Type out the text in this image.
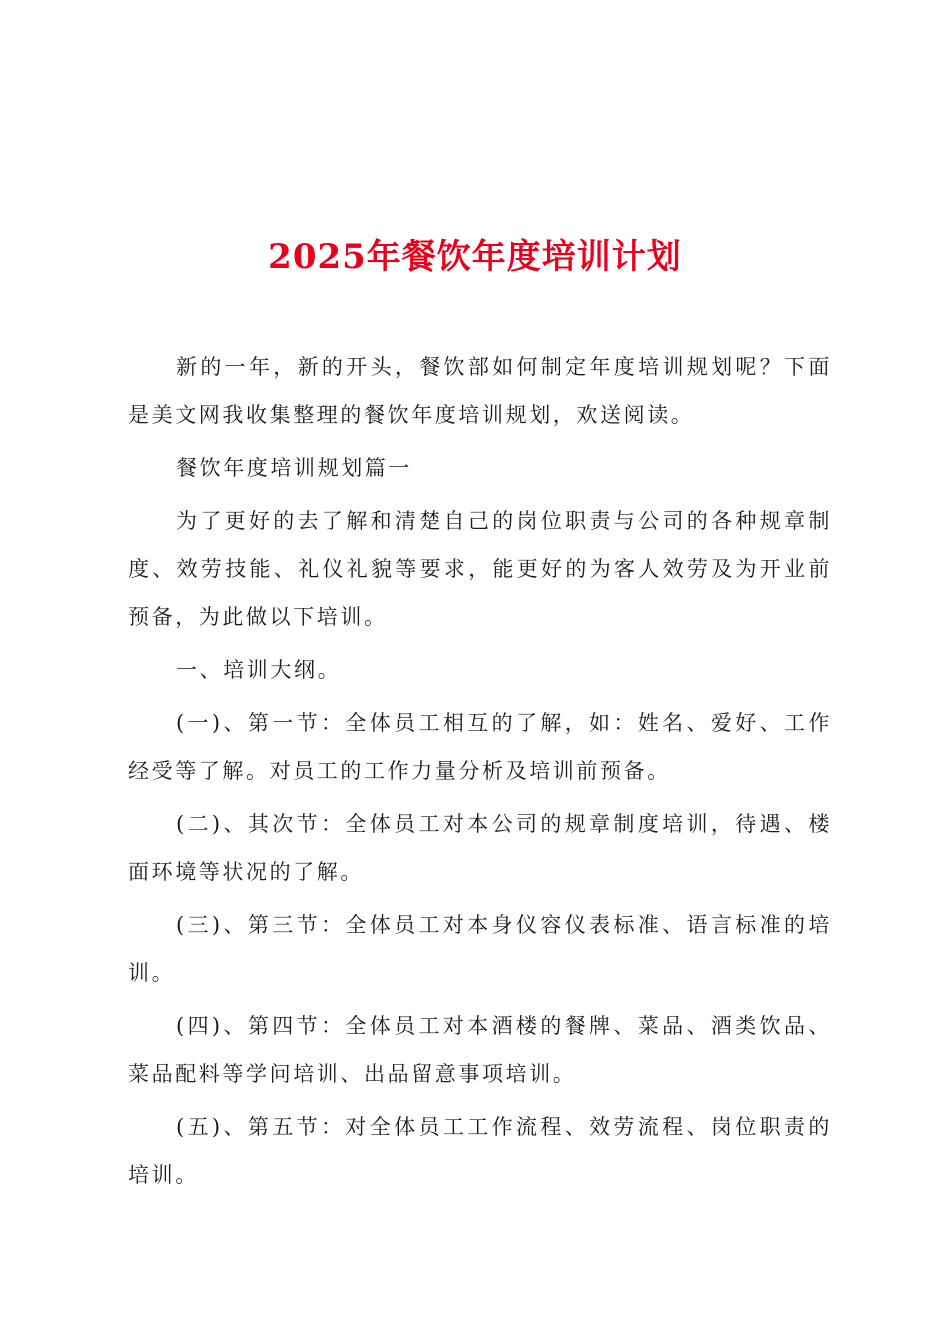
2025年餐饮年度培训计划

新的一年，新的开头，餐饮部如何制定年度培训规划呢？下面是美文网我收集整理的餐饮年度培训规划，欢送阅读。

餐饮年度培训规划篇一

为了更好的去了解和清楚自己的岗位职责与公司的各种规章制度、效劳技能、礼仪礼貌等要求，能更好的为客人效劳及为开业前预备，为此做以下培训。

一、培训大纲。

(一)、第一节：全体员工相互的了解，如：姓名、爱好、工作经受等了解。对员工的工作力量分析及培训前预备。

(二)、其次节：全体员工对本公司的规章制度培训，待遇、楼面环境等状况的了解。

(三)、第三节：全体员工对本身仪容仪表标准、语言标准的培训。

(四)、第四节：全体员工对本酒楼的餐牌、菜品、酒类饮品、菜品配料等学问培训、出品留意事项培训。

(五)、第五节：对全体员工工作流程、效劳流程、岗位职责的培训。
